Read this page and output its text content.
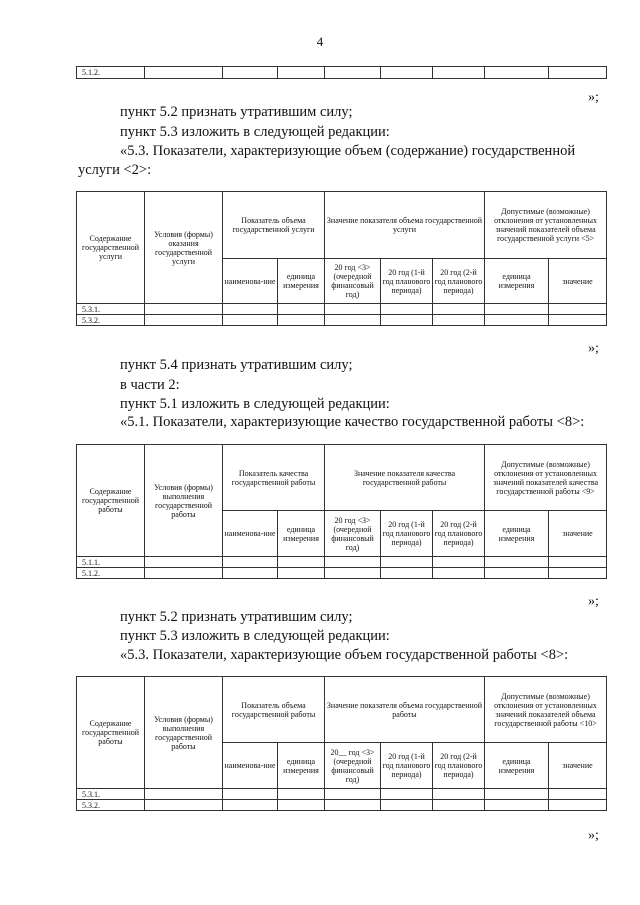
4
5.1.2.								
»;
пункт 5.2 признать утратившим силу;
пункт 5.3 изложить в следующей редакции:
«5.3. Показатели, характеризующие объем (содержание) государственной
услуги <2>:
Содержание государственной услуги	Условия (формы) оказания государственной услуги	Показатель объема государственной услуги		Значение показателя объема государственной услуги			Допустимые (возможные) отклонения от установленных значений показателей объема государственной услуги <5>	
		наименова-ние	единица измерения	20 год <3> (очередной финансовый год)	20 год (1-й год планового периода)	20 год (2-й год планового периода)	единица измерения	значение
5.3.1.								
5.3.2.								
»;
пункт 5.4 признать утратившим силу;
в части 2:
пункт 5.1 изложить в следующей редакции:
«5.1. Показатели, характеризующие качество государственной работы <8>:
Содержание государственной работы	Условия (формы) выполнения государственной работы	Показатель качества государственной работы		Значение показателя качества государственной работы			Допустимые (возможные) отклонения от установленных значений показателей качества государственной работы <9>	
		наименова-ние	единица измерения	20 год <3> (очередной финансовый год)	20 год (1-й год планового периода)	20 год (2-й год планового периода)	единица измерения	значение
5.1.1.								
5.1.2.								
»;
пункт 5.2 признать утратившим силу;
пункт 5.3 изложить в следующей редакции:
«5.3. Показатели, характеризующие объем государственной работы <8>:
Содержание государственной работы	Условия (формы) выполнения государственной работы	Показатель объема государственной работы		Значение показателя объема государственной работы			Допустимые (возможные) отклонения от установленных значений показателей объема государственной работы <10>	
		наименова-ние	единица измерения	20__ год <3> (очередной финансовый год)	20 год (1-й год планового периода)	20 год (2-й год планового периода)	единица измерения	значение
5.3.1.								
5.3.2.								
»;
